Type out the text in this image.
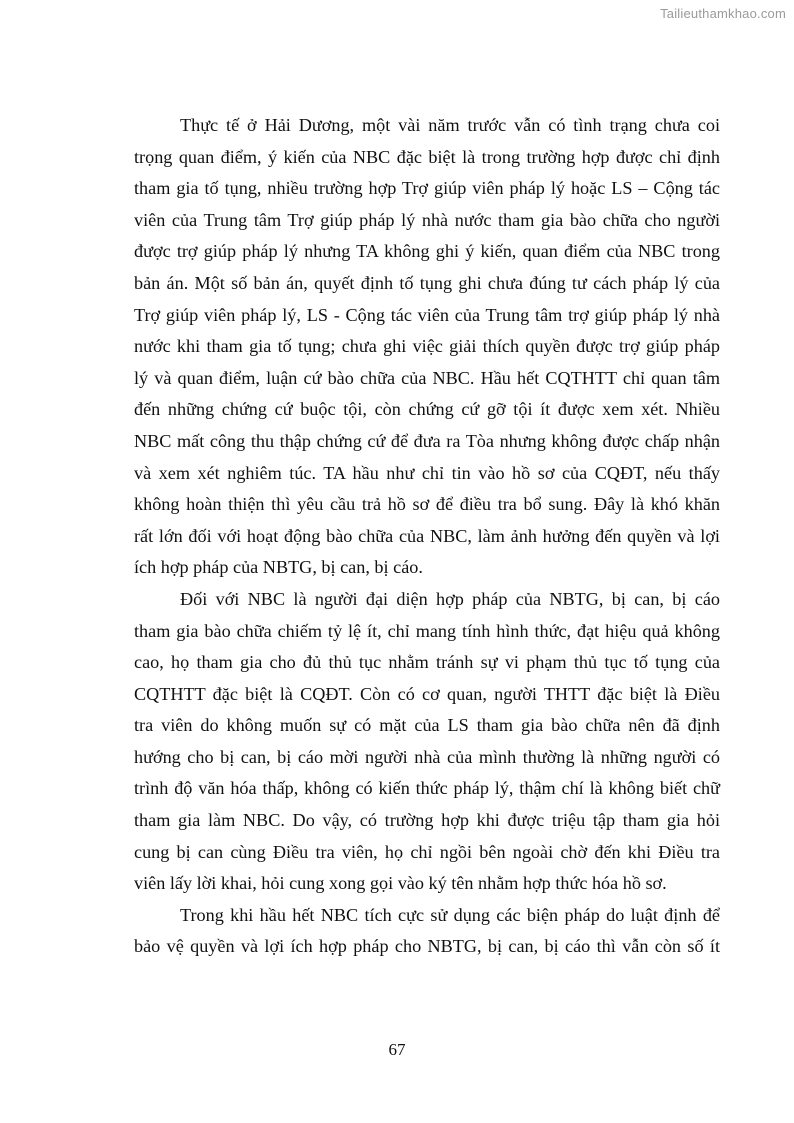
Tailieuthamkhao.com
Thực tế ở Hải Dương, một vài năm trước vẫn có tình trạng chưa coi
trọng quan điểm, ý kiến của NBC đặc biệt là trong trường hợp được chỉ định
tham gia tố tụng, nhiều trường hợp Trợ giúp viên pháp lý hoặc LS – Cộng tác
viên của Trung tâm Trợ giúp pháp lý nhà nước tham gia bào chữa cho người
được trợ giúp pháp lý nhưng TA không ghi ý kiến, quan điểm của NBC trong
bản án. Một số bản án, quyết định tố tụng ghi chưa đúng tư cách pháp lý của
Trợ giúp viên pháp lý, LS - Cộng tác viên của Trung tâm trợ giúp pháp lý nhà
nước khi tham gia tố tụng; chưa ghi việc giải thích quyền được trợ giúp pháp
lý và quan điểm, luận cứ bào chữa của NBC. Hầu hết CQTHTT chỉ quan tâm
đến những chứng cứ buộc tội, còn chứng cứ gỡ tội ít được xem xét. Nhiều
NBC mất công thu thập chứng cứ để đưa ra Tòa nhưng không được chấp nhận
và xem xét nghiêm túc. TA hầu như chỉ tin vào hồ sơ của CQĐT, nếu thấy
không hoàn thiện thì yêu cầu trả hồ sơ để điều tra bổ sung. Đây là khó khăn
rất lớn đối với hoạt động bào chữa của NBC, làm ảnh hưởng đến quyền và lợi
ích hợp pháp của NBTG, bị can, bị cáo.
Đối với NBC là người đại diện hợp pháp của NBTG, bị can, bị cáo
tham gia bào chữa chiếm tỷ lệ ít, chỉ mang tính hình thức, đạt hiệu quả không
cao, họ tham gia cho đủ thủ tục nhằm tránh sự vi phạm thủ tục tố tụng của
CQTHTT đặc biệt là CQĐT. Còn có cơ quan, người THTT đặc biệt là Điều
tra viên do không muốn sự có mặt của LS tham gia bào chữa nên đã định
hướng cho bị can, bị cáo mời người nhà của mình thường là những người có
trình độ văn hóa thấp, không có kiến thức pháp lý, thậm chí là không biết chữ
tham gia làm NBC. Do vậy, có trường hợp khi được triệu tập tham gia hỏi
cung bị can cùng Điều tra viên, họ chỉ ngồi bên ngoài chờ đến khi Điều tra
viên lấy lời khai, hỏi cung xong gọi vào ký tên nhằm hợp thức hóa hồ sơ.
Trong khi hầu hết NBC tích cực sử dụng các biện pháp do luật định để
bảo vệ quyền và lợi ích hợp pháp cho NBTG, bị can, bị cáo thì vẫn còn số ít
67
